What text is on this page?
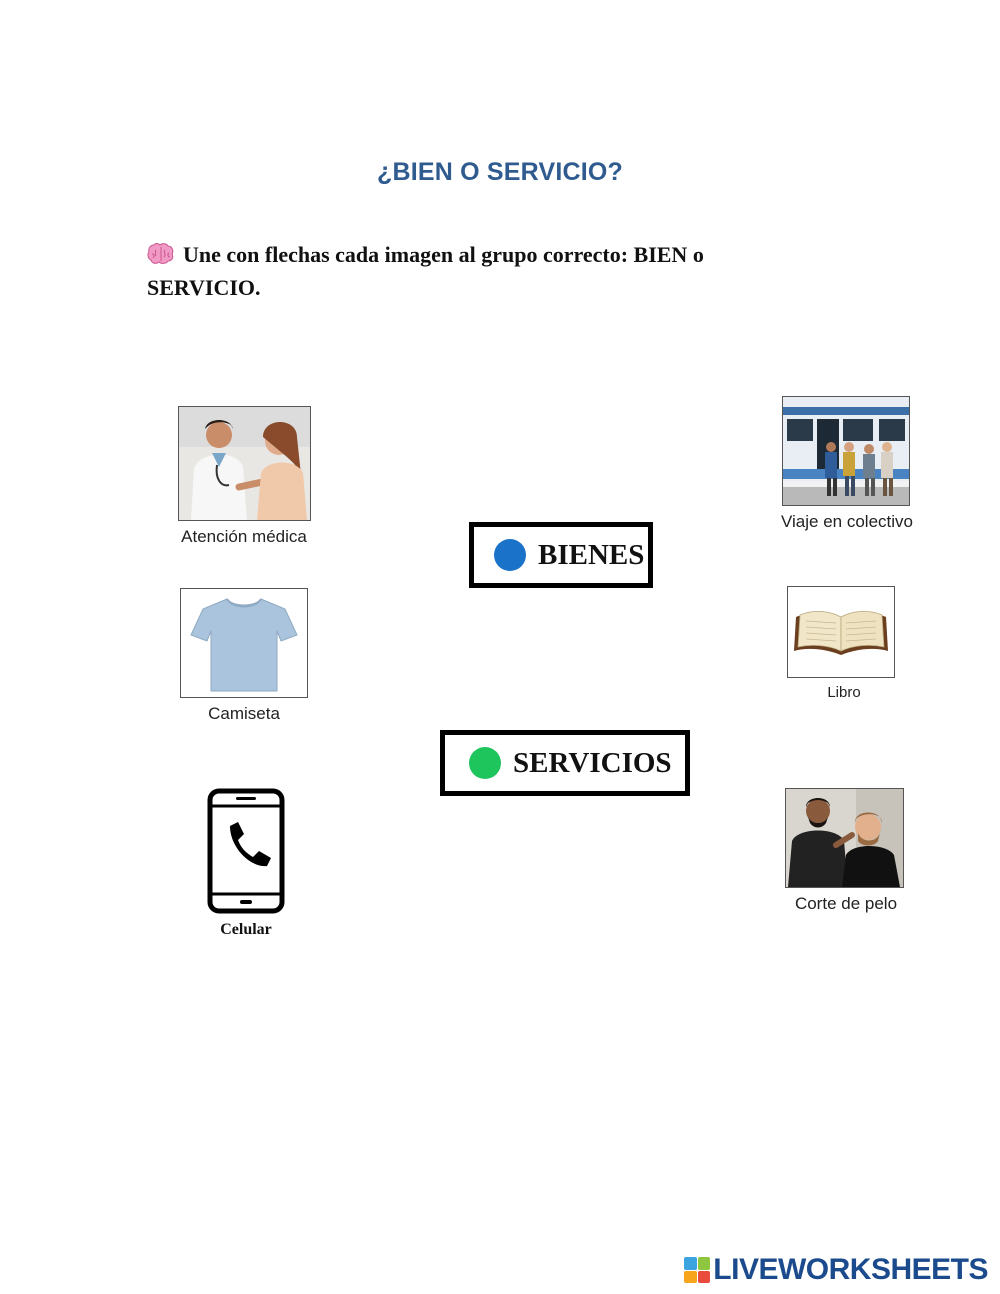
¿BIEN O SERVICIO?
Une con flechas cada imagen al grupo correcto: BIEN o SERVICIO.
Atención médica
Camiseta
Celular
BIENES
SERVICIOS
Viaje en colectivo
Libro
Corte de pelo
LIVEWORKSHEETS
